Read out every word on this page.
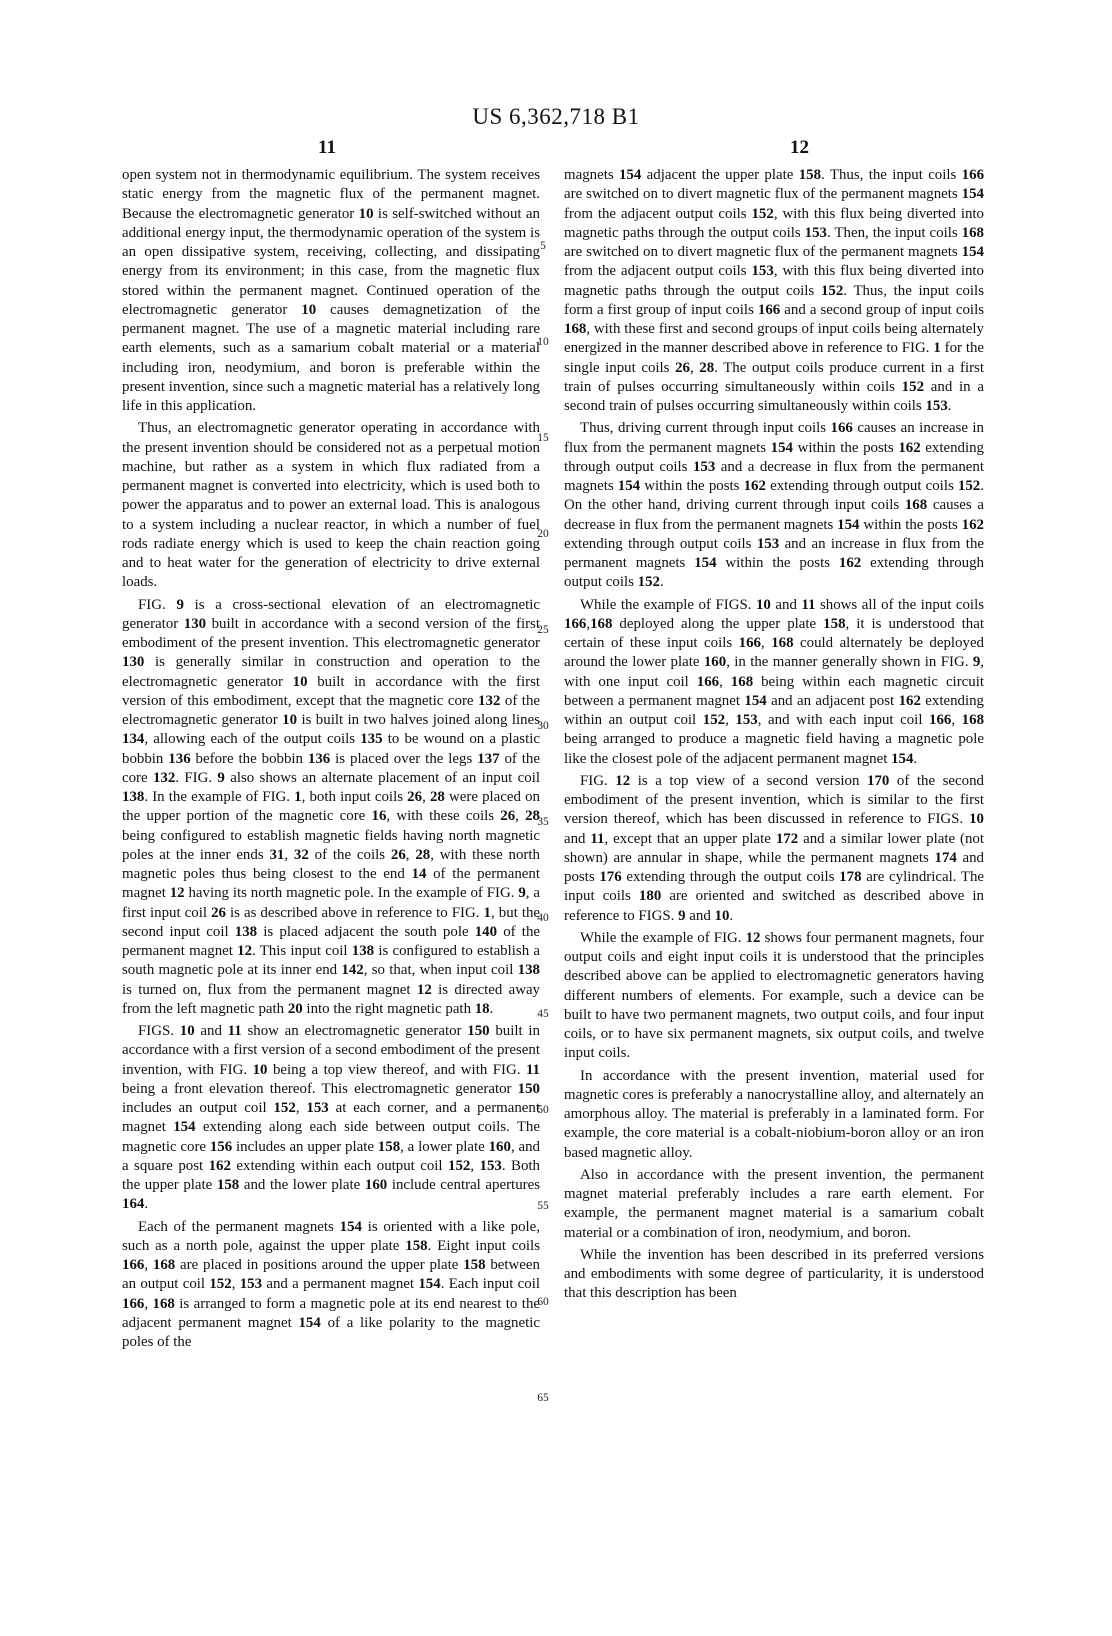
US 6,362,718 B1
11	12

open system not in thermodynamic equilibrium. The system receives static energy from the magnetic flux of the permanent magnet. Because the electromagnetic generator 10 is self-switched without an additional energy input, the thermodynamic operation of the system is an open dissipative system, receiving, collecting, and dissipating energy from its environment; in this case, from the magnetic flux stored within the permanent magnet. Continued operation of the electromagnetic generator 10 causes demagnetization of the permanent magnet. The use of a magnetic material including rare earth elements, such as a samarium cobalt material or a material including iron, neodymium, and boron is preferable within the present invention, since such a magnetic material has a relatively long life in this application.

Thus, an electromagnetic generator operating in accordance with the present invention should be considered not as a perpetual motion machine, but rather as a system in which flux radiated from a permanent magnet is converted into electricity, which is used both to power the apparatus and to power an external load. This is analogous to a system including a nuclear reactor, in which a number of fuel rods radiate energy which is used to keep the chain reaction going and to heat water for the generation of electricity to drive external loads.

FIG. 9 is a cross-sectional elevation of an electromagnetic generator 130 built in accordance with a second version of the first embodiment of the present invention. This electromagnetic generator 130 is generally similar in construction and operation to the electromagnetic generator 10 built in accordance with the first version of this embodiment, except that the magnetic core 132 of the electromagnetic generator 10 is built in two halves joined along lines 134, allowing each of the output coils 135 to be wound on a plastic bobbin 136 before the bobbin 136 is placed over the legs 137 of the core 132. FIG. 9 also shows an alternate placement of an input coil 138. In the example of FIG. 1, both input coils 26, 28 were placed on the upper portion of the magnetic core 16, with these coils 26, 28 being configured to establish magnetic fields having north magnetic poles at the inner ends 31, 32 of the coils 26, 28, with these north magnetic poles thus being closest to the end 14 of the permanent magnet 12 having its north magnetic pole. In the example of FIG. 9, a first input coil 26 is as described above in reference to FIG. 1, but the second input coil 138 is placed adjacent the south pole 140 of the permanent magnet 12. This input coil 138 is configured to establish a south magnetic pole at its inner end 142, so that, when input coil 138 is turned on, flux from the permanent magnet 12 is directed away from the left magnetic path 20 into the right magnetic path 18.

FIGS. 10 and 11 show an electromagnetic generator 150 built in accordance with a first version of a second embodiment of the present invention, with FIG. 10 being a top view thereof, and with FIG. 11 being a front elevation thereof. This electromagnetic generator 150 includes an output coil 152, 153 at each corner, and a permanent magnet 154 extending along each side between output coils. The magnetic core 156 includes an upper plate 158, a lower plate 160, and a square post 162 extending within each output coil 152, 153. Both the upper plate 158 and the lower plate 160 include central apertures 164.

Each of the permanent magnets 154 is oriented with a like pole, such as a north pole, against the upper plate 158. Eight input coils 166, 168 are placed in positions around the upper plate 158 between an output coil 152, 153 and a permanent magnet 154. Each input coil 166, 168 is arranged to form a magnetic pole at its end nearest to the adjacent permanent magnet 154 of a like polarity to the magnetic poles of the

magnets 154 adjacent the upper plate 158. Thus, the input coils 166 are switched on to divert magnetic flux of the permanent magnets 154 from the adjacent output coils 152, with this flux being diverted into magnetic paths through the output coils 153. Then, the input coils 168 are switched on to divert magnetic flux of the permanent magnets 154 from the adjacent output coils 153, with this flux being diverted into magnetic paths through the output coils 152. Thus, the input coils form a first group of input coils 166 and a second group of input coils 168, with these first and second groups of input coils being alternately energized in the manner described above in reference to FIG. 1 for the single input coils 26, 28. The output coils produce current in a first train of pulses occurring simultaneously within coils 152 and in a second train of pulses occurring simultaneously within coils 153.

Thus, driving current through input coils 166 causes an increase in flux from the permanent magnets 154 within the posts 162 extending through output coils 153 and a decrease in flux from the permanent magnets 154 within the posts 162 extending through output coils 152. On the other hand, driving current through input coils 168 causes a decrease in flux from the permanent magnets 154 within the posts 162 extending through output coils 153 and an increase in flux from the permanent magnets 154 within the posts 162 extending through output coils 152.

While the example of FIGS. 10 and 11 shows all of the input coils 166,168 deployed along the upper plate 158, it is understood that certain of these input coils 166, 168 could alternately be deployed around the lower plate 160, in the manner generally shown in FIG. 9, with one input coil 166, 168 being within each magnetic circuit between a permanent magnet 154 and an adjacent post 162 extending within an output coil 152, 153, and with each input coil 166, 168 being arranged to produce a magnetic field having a magnetic pole like the closest pole of the adjacent permanent magnet 154.

FIG. 12 is a top view of a second version 170 of the second embodiment of the present invention, which is similar to the first version thereof, which has been discussed in reference to FIGS. 10 and 11, except that an upper plate 172 and a similar lower plate (not shown) are annular in shape, while the permanent magnets 174 and posts 176 extending through the output coils 178 are cylindrical. The input coils 180 are oriented and switched as described above in reference to FIGS. 9 and 10.

While the example of FIG. 12 shows four permanent magnets, four output coils and eight input coils it is understood that the principles described above can be applied to electromagnetic generators having different numbers of elements. For example, such a device can be built to have two permanent magnets, two output coils, and four input coils, or to have six permanent magnets, six output coils, and twelve input coils.

In accordance with the present invention, material used for magnetic cores is preferably a nanocrystalline alloy, and alternately an amorphous alloy. The material is preferably in a laminated form. For example, the core material is a cobalt-niobium-boron alloy or an iron based magnetic alloy.

Also in accordance with the present invention, the permanent magnet material preferably includes a rare earth element. For example, the permanent magnet material is a samarium cobalt material or a combination of iron, neodymium, and boron.

While the invention has been described in its preferred versions and embodiments with some degree of particularity, it is understood that this description has been

5
10
15
20
25
30
35
40
45
50
55
60
65
